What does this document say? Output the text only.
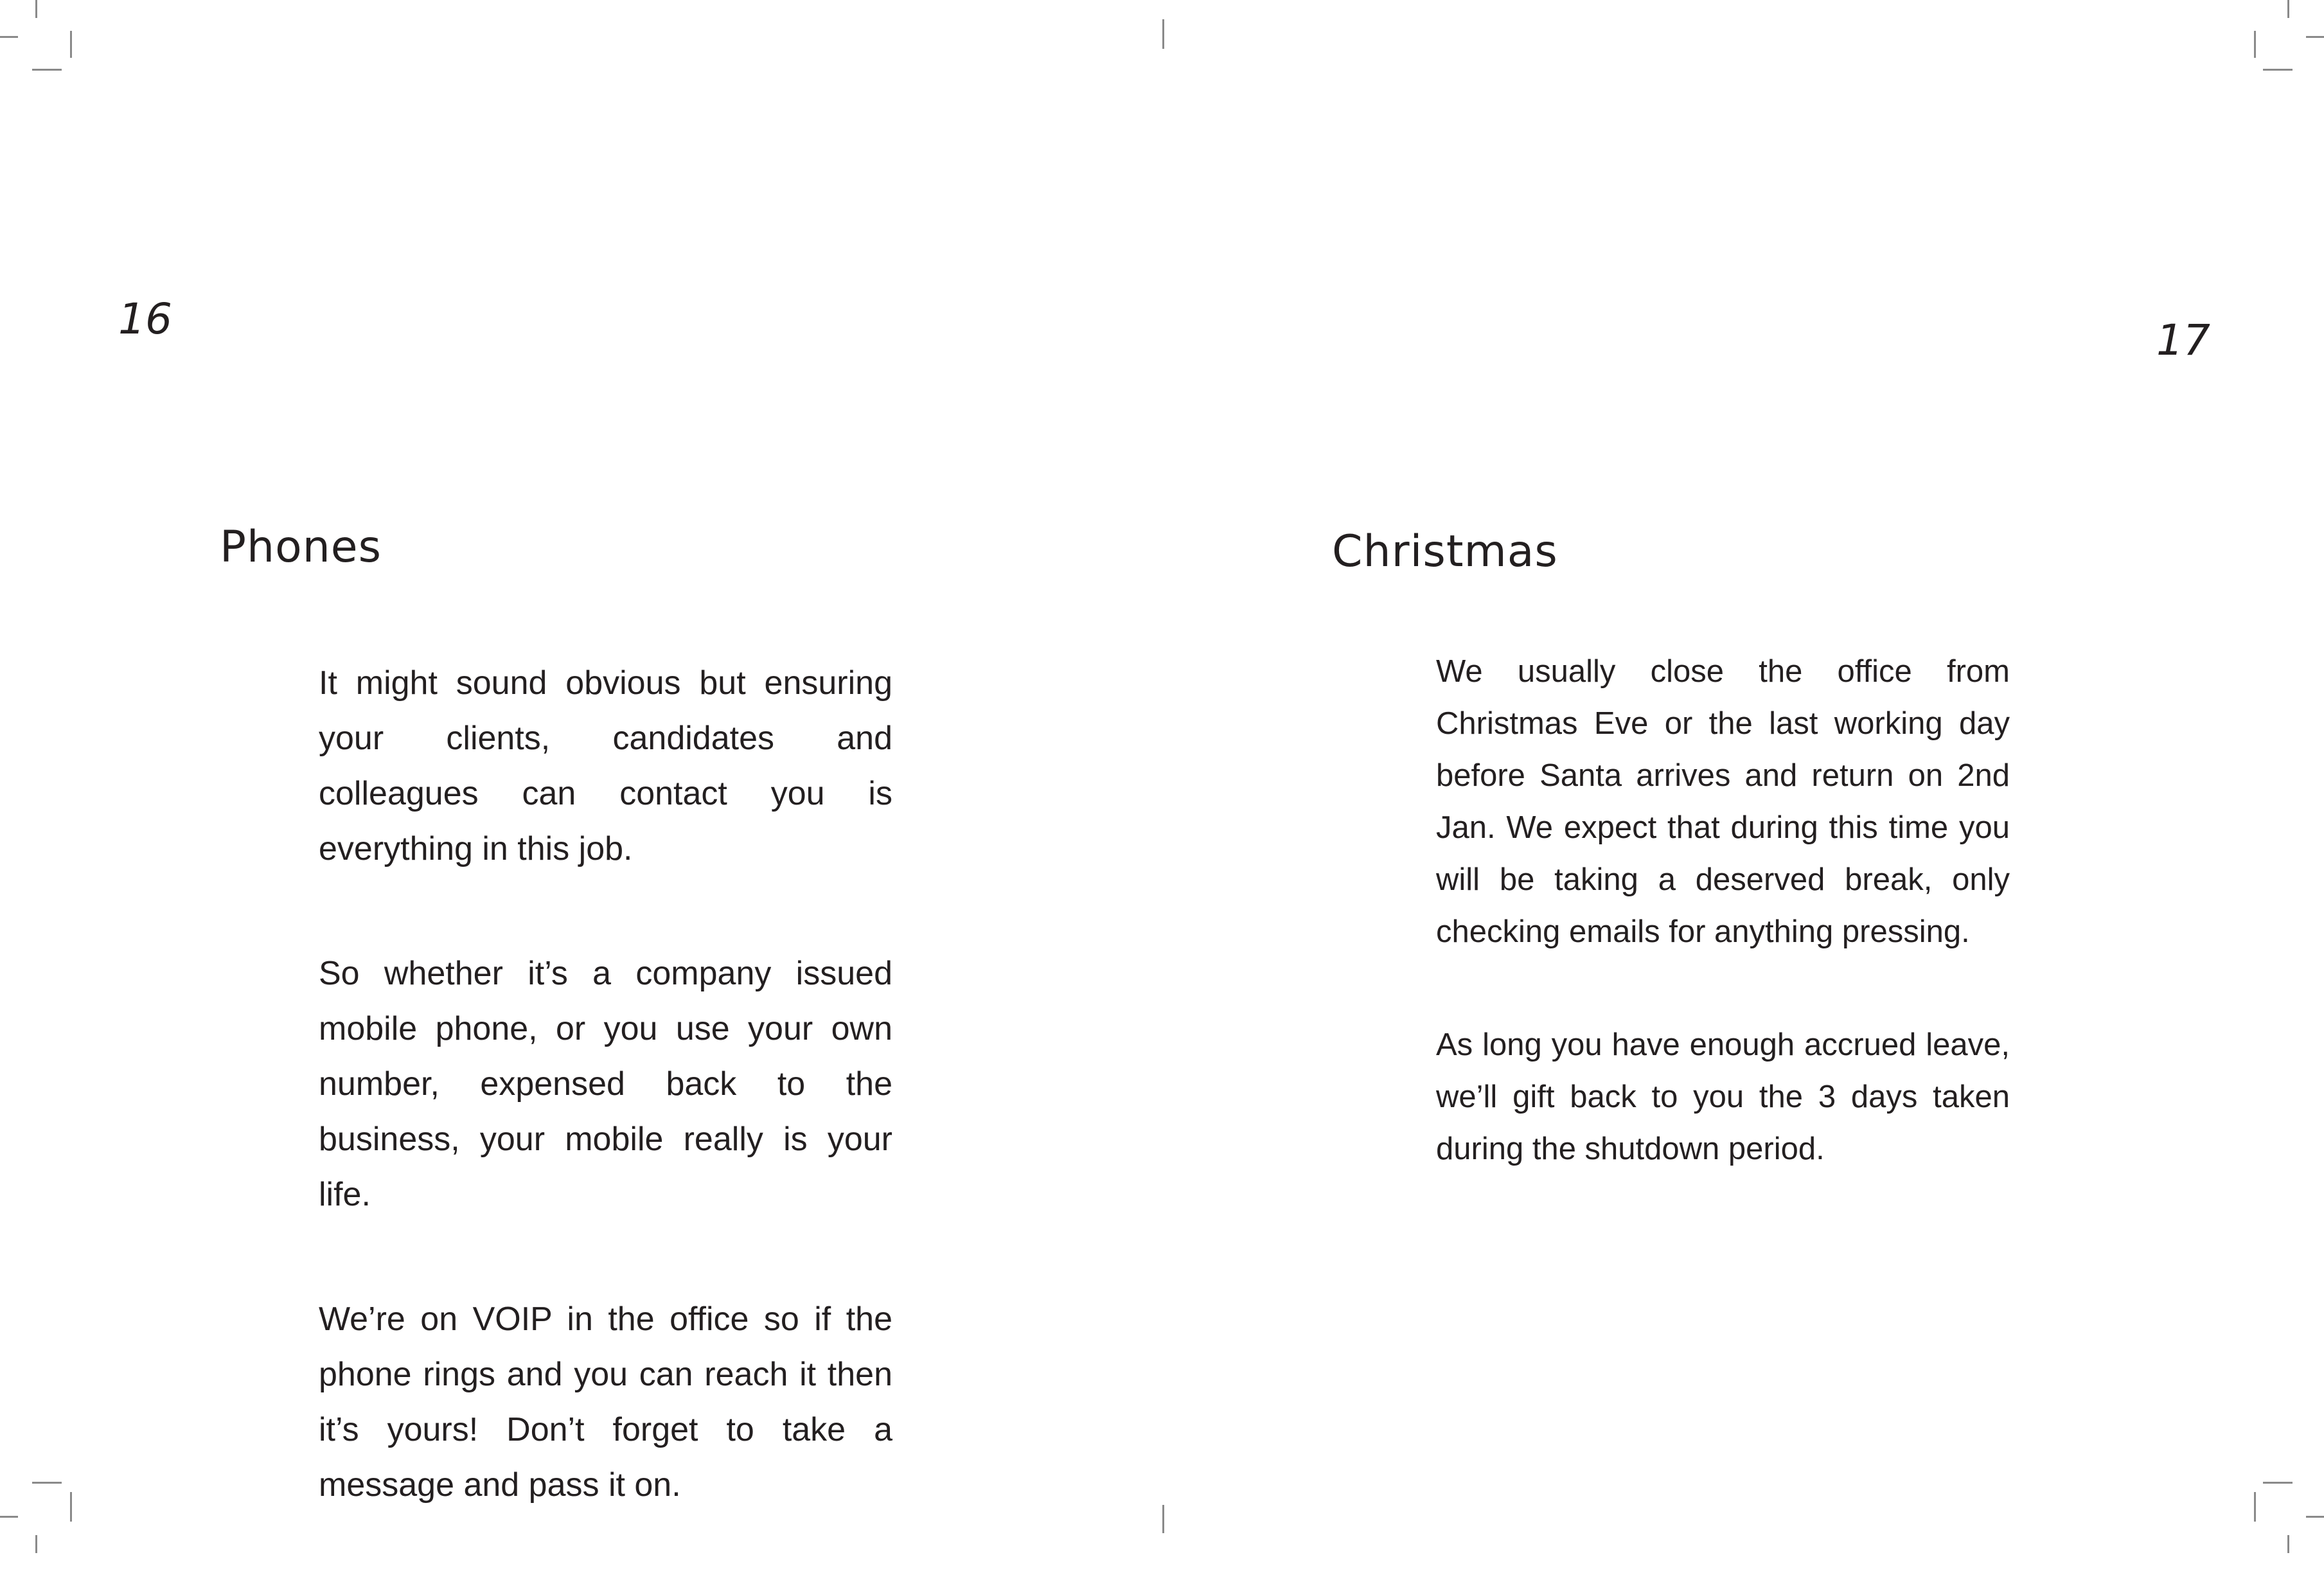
16
Phones

It might sound obvious but ensuring your clients, candidates and colleagues can contact you is everything in this job.

So whether it’s a company issued mobile phone, or you use your own number, expensed back to the business, your mobile really is your life.

We’re on VOIP in the office so if the phone rings and you can reach it then it’s yours! Don’t forget to take a message and pass it on.

17
Christmas

We usually close the office from Christmas Eve or the last working day before Santa arrives and return on 2nd Jan. We expect that during this time you will be taking a deserved break, only checking emails for anything pressing.

As long you have enough accrued leave, we’ll gift back to you the 3 days taken during the shutdown period.
